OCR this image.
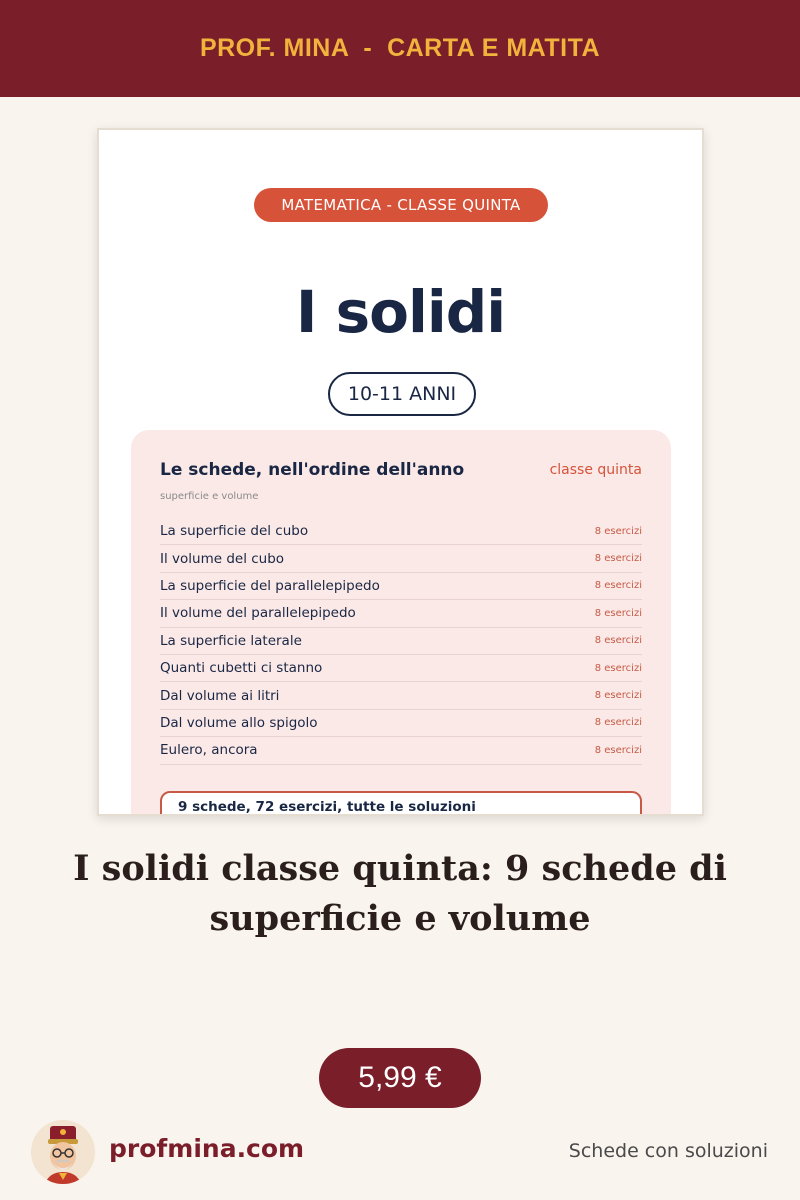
PROF. MINA  -  CARTA E MATITA
MATEMATICA - CLASSE QUINTA
I solidi
10-11 ANNI
Le schede, nell'ordine dell'anno	classe quinta
superficie e volume
La superficie del cubo	8 esercizi
Il volume del cubo	8 esercizi
La superficie del parallelepipedo	8 esercizi
Il volume del parallelepipedo	8 esercizi
La superficie laterale	8 esercizi
Quanti cubetti ci stanno	8 esercizi
Dal volume ai litri	8 esercizi
Dal volume allo spigolo	8 esercizi
Eulero, ancora	8 esercizi
9 schede, 72 esercizi, tutte le soluzioni
I solidi classe quinta: 9 schede di superficie e volume
5,99 €
profmina.com	Schede con soluzioni
